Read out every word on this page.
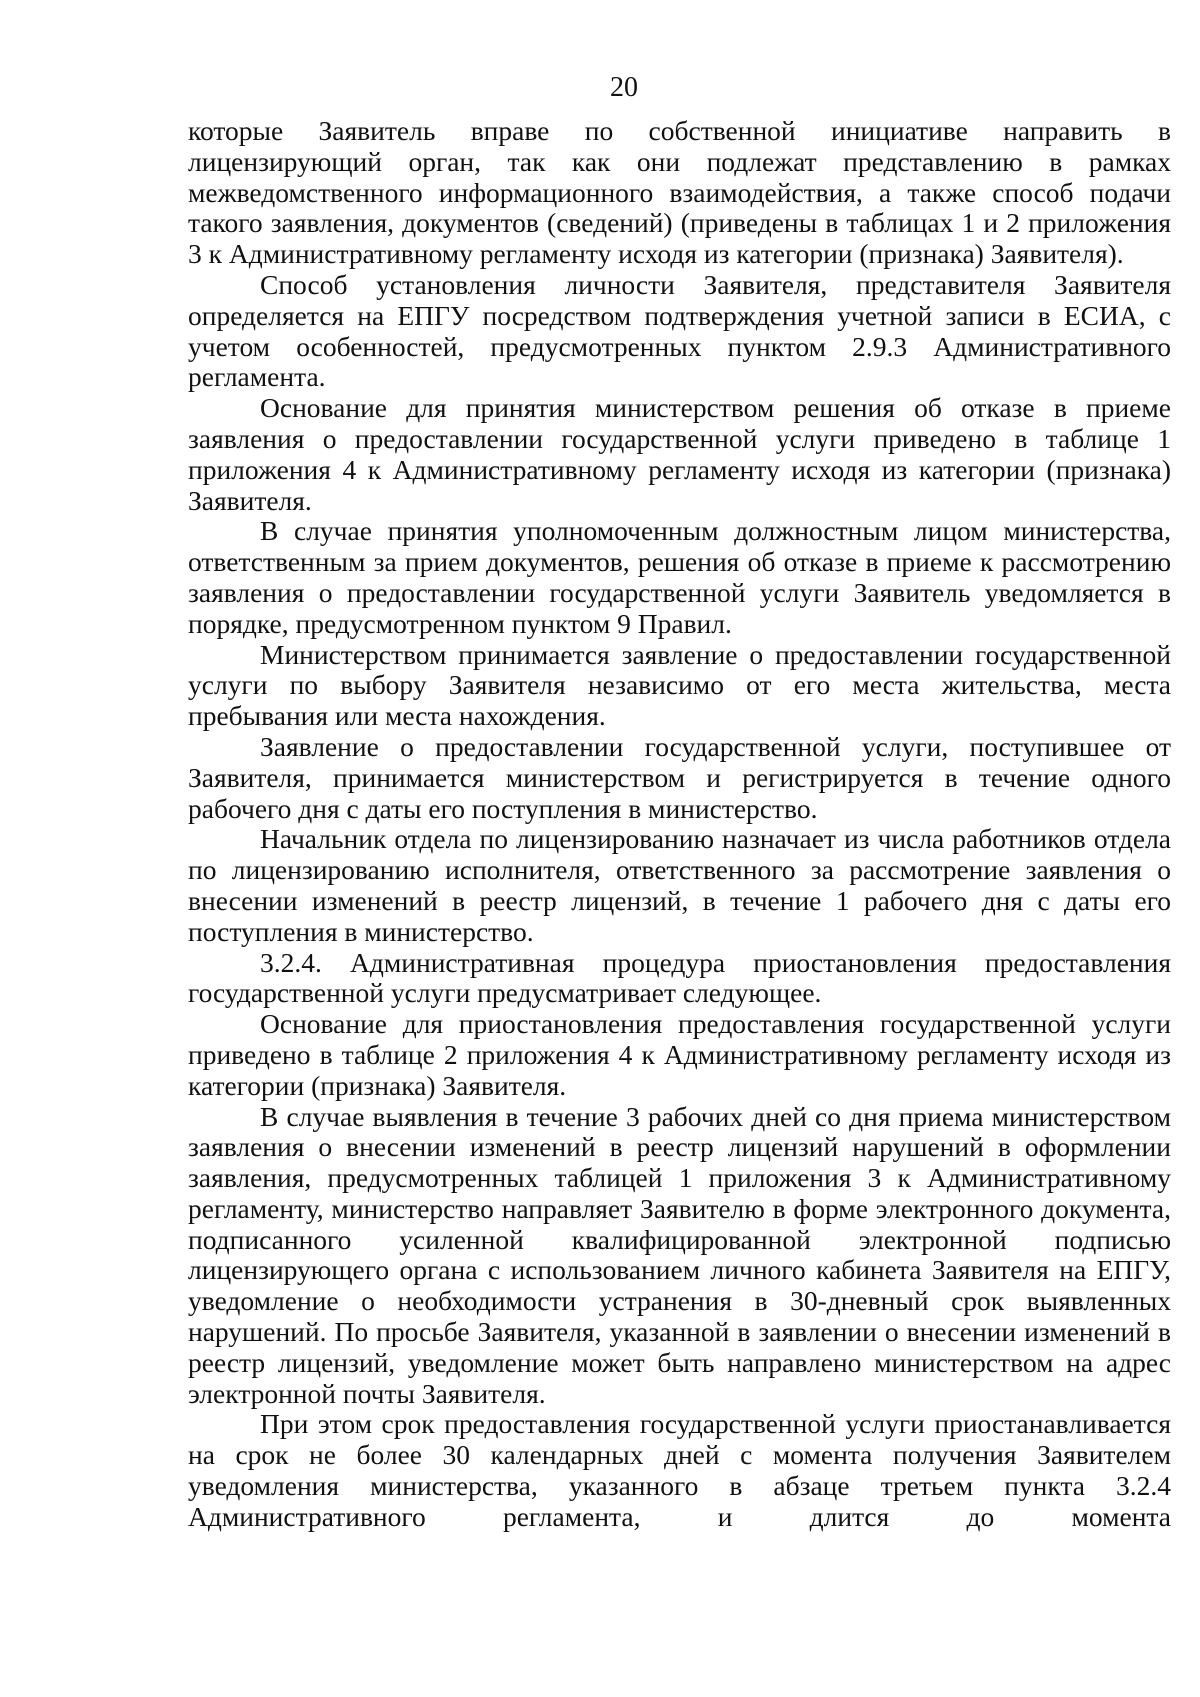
20

которые Заявитель вправе по собственной инициативе направить в лицензирующий орган, так как они подлежат представлению в рамках межведомственного информационного взаимодействия, а также способ подачи такого заявления, документов (сведений) (приведены в таблицах 1 и 2 приложения 3 к Административному регламенту исходя из категории (признака) Заявителя).

Способ установления личности Заявителя, представителя Заявителя определяется на ЕПГУ посредством подтверждения учетной записи в ЕСИА, с учетом особенностей, предусмотренных пунктом 2.9.3 Административного регламента.

Основание для принятия министерством решения об отказе в приеме заявления о предоставлении государственной услуги приведено в таблице 1 приложения 4 к Административному регламенту исходя из категории (признака) Заявителя.

В случае принятия уполномоченным должностным лицом министерства, ответственным за прием документов, решения об отказе в приеме к рассмотрению заявления о предоставлении государственной услуги Заявитель уведомляется в порядке, предусмотренном пунктом 9 Правил.

Министерством принимается заявление о предоставлении государственной услуги по выбору Заявителя независимо от его места жительства, места пребывания или места нахождения.

Заявление о предоставлении государственной услуги, поступившее от Заявителя, принимается министерством и регистрируется в течение одного рабочего дня с даты его поступления в министерство.

Начальник отдела по лицензированию назначает из числа работников отдела по лицензированию исполнителя, ответственного за рассмотрение заявления о внесении изменений в реестр лицензий, в течение 1 рабочего дня с даты его поступления в министерство.

3.2.4. Административная процедура приостановления предоставления государственной услуги предусматривает следующее.

Основание для приостановления предоставления государственной услуги приведено в таблице 2 приложения 4 к Административному регламенту исходя из категории (признака) Заявителя.

В случае выявления в течение 3 рабочих дней со дня приема министерством заявления о внесении изменений в реестр лицензий нарушений в оформлении заявления, предусмотренных таблицей 1 приложения 3 к Административному регламенту, министерство направляет Заявителю в форме электронного документа, подписанного усиленной квалифицированной электронной подписью лицензирующего органа с использованием личного кабинета Заявителя на ЕПГУ, уведомление о необходимости устранения в 30-дневный срок выявленных нарушений. По просьбе Заявителя, указанной в заявлении о внесении изменений в реестр лицензий, уведомление может быть направлено министерством на адрес электронной почты Заявителя.

При этом срок предоставления государственной услуги приостанавливается на срок не более 30 календарных дней с момента получения Заявителем уведомления министерства, указанного в абзаце третьем пункта 3.2.4 Административного регламента, и длится до момента
